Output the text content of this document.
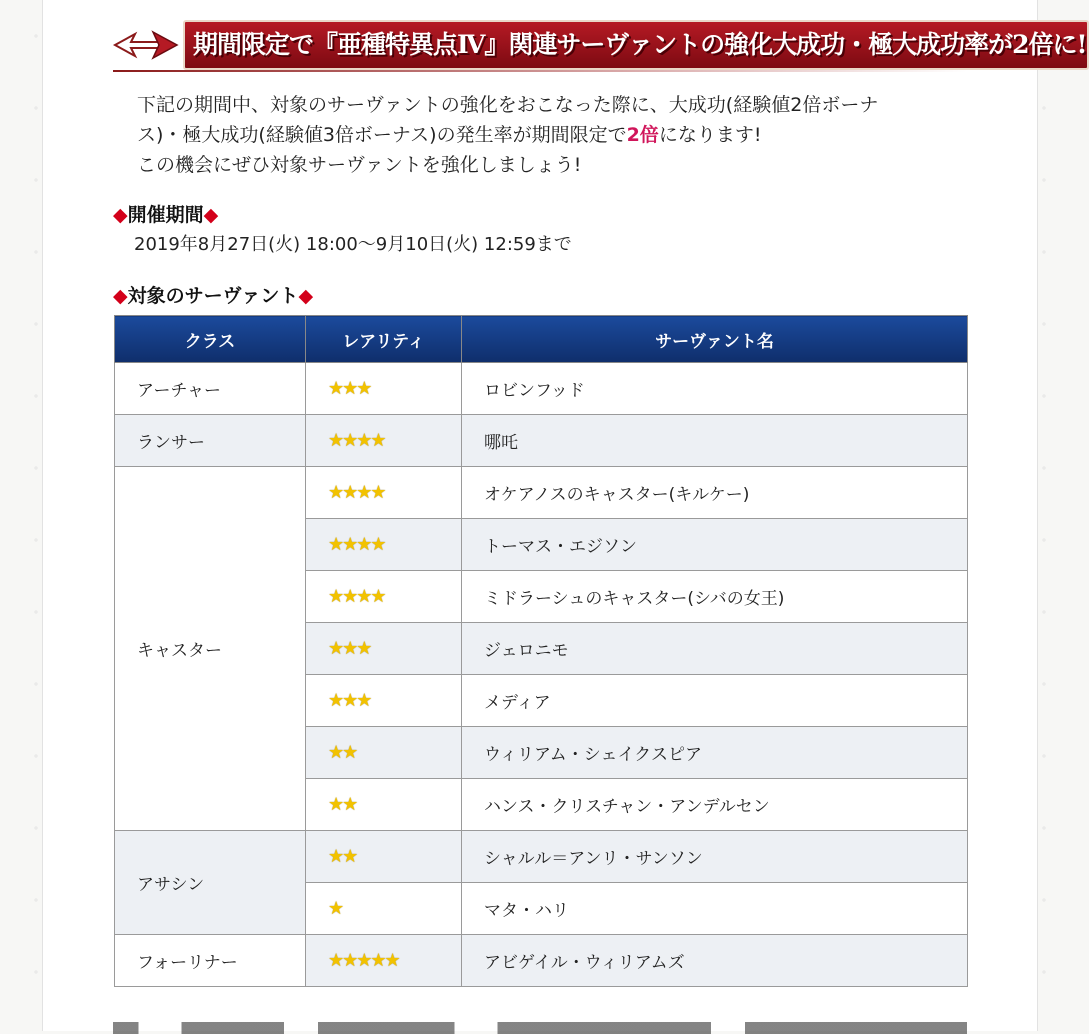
期間限定で『亜種特異点Ⅳ』関連サーヴァントの強化大成功・極大成功率が2倍に!
下記の期間中、対象のサーヴァントの強化をおこなった際に、大成功(経験値2倍ボーナ
ス)・極大成功(経験値3倍ボーナス)の発生率が期間限定で2倍になります!
この機会にぜひ対象サーヴァントを強化しましょう!
◆開催期間◆
2019年8月27日(火) 18:00～9月10日(火) 12:59まで
◆対象のサーヴァント◆
クラス	レアリティ	サーヴァント名
アーチャー	★★★	ロビンフッド
ランサー	★★★★	哪吒
キャスター	★★★★	オケアノスのキャスター(キルケー)
	★★★★	トーマス・エジソン
	★★★★	ミドラーシュのキャスター(シバの女王)
	★★★	ジェロニモ
	★★★	メディア
	★★	ウィリアム・シェイクスピア
	★★	ハンス・クリスチャン・アンデルセン
アサシン	★★	シャルル＝アンリ・サンソン
	★	マタ・ハリ
フォーリナー	★★★★★	アビゲイル・ウィリアムズ
